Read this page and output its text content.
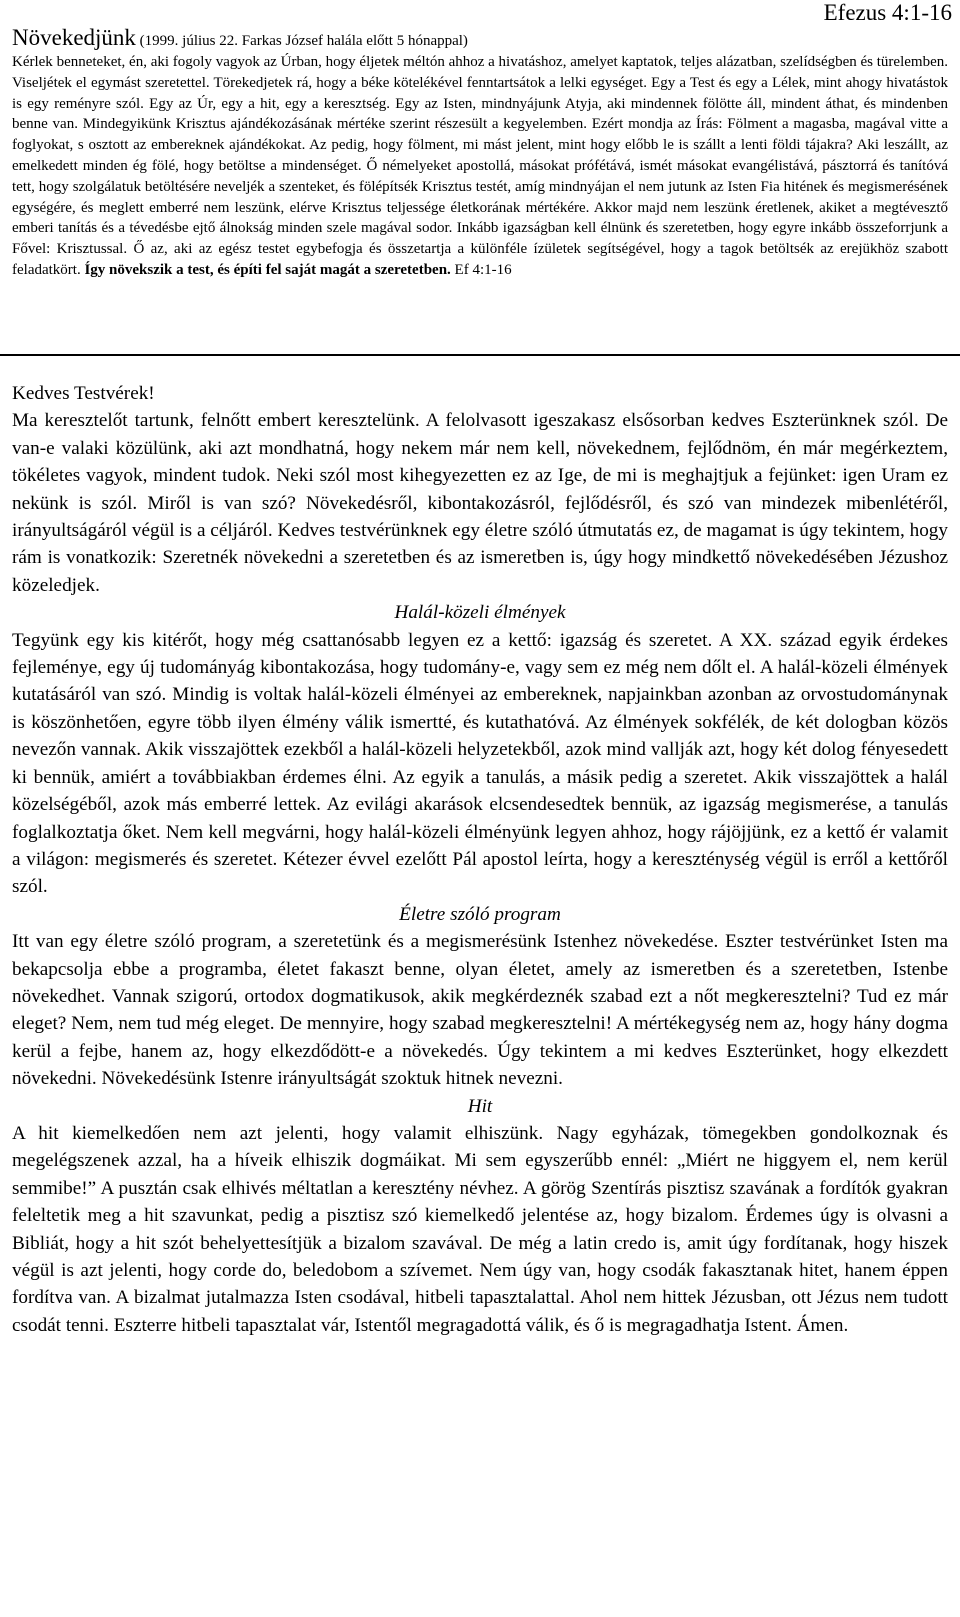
Efezus 4:1-16
Növekedjünk (1999. július 22. Farkas József halála előtt 5 hónappal)

Kérlek benneteket, én, aki fogoly vagyok az Úrban, hogy éljetek méltón ahhoz a hivatáshoz, amelyet kaptatok, teljes alázatban, szelídségben és türelemben. Viseljétek el egymást szeretettel. Törekedjetek rá, hogy a béke kötelékével fenntartsátok a lelki egységet. Egy a Test és egy a Lélek, mint ahogy hivatástok is egy reményre szól. Egy az Úr, egy a hit, egy a keresztség. Egy az Isten, mindnyájunk Atyja, aki mindennek fölötte áll, mindent áthat, és mindenben benne van. Mindegyikünk Krisztus ajándékozásának mértéke szerint részesült a kegyelemben. Ezért mondja az Írás: Fölment a magasba, magával vitte a foglyokat, s osztott az embereknek ajándékokat. Az pedig, hogy fölment, mi mást jelent, mint hogy előbb le is szállt a lenti földi tájakra? Aki leszállt, az emelkedett minden ég fölé, hogy betöltse a mindenséget. Ő némelyeket apostollá, másokat prófétává, ismét másokat evangélistává, pásztorrá és tanítóvá tett, hogy szolgálatuk betöltésére neveljék a szenteket, és fölépítsék Krisztus testét, amíg mindnyájan el nem jutunk az Isten Fia hitének és megismerésének egységére, és meglett emberré nem leszünk, elérve Krisztus teljessége életkorának mértékére. Akkor majd nem leszünk éretlenek, akiket a megtévesztő emberi tanítás és a tévedésbe ejtő álnokság minden szele magával sodor. Inkább igazságban kell élnünk és szeretetben, hogy egyre inkább összeforrjunk a Fővel: Krisztussal. Ő az, aki az egész testet egybefogja és összetartja a különféle ízületek segítségével, hogy a tagok betöltsék az erejükhöz szabott feladatkört. Így növekszik a test, és építi fel saját magát a szeretetben. Ef 4:1-16

Kedves Testvérek!

Ma keresztelőt tartunk, felnőtt embert keresztelünk. A felolvasott igeszakasz elsősorban kedves Eszterünknek szól. De van-e valaki közülünk, aki azt mondhatná, hogy nekem már nem kell, növekednem, fejlődnöm, én már megérkeztem, tökéletes vagyok, mindent tudok. Neki szól most kihegyezetten ez az Ige, de mi is meghajtjuk a fejünket: igen Uram ez nekünk is szól. Miről is van szó? Növekedésről, kibontakozásról, fejlődésről, és szó van mindezek mibenlétéről, irányultságáról végül is a céljáról. Kedves testvérünknek egy életre szóló útmutatás ez, de magamat is úgy tekintem, hogy rám is vonatkozik: Szeretnék növekedni a szeretetben és az ismeretben is, úgy hogy mindkettő növekedésében Jézushoz közeledjek.

Halál-közeli élmények

Tegyünk egy kis kitérőt, hogy még csattanósabb legyen ez a kettő: igazság és szeretet. A XX. század egyik érdekes fejleménye, egy új tudományág kibontakozása, hogy tudomány-e, vagy sem ez még nem dőlt el. A halál-közeli élmények kutatásáról van szó. Mindig is voltak halál-közeli élményei az embereknek, napjainkban azonban az orvostudománynak is köszönhetően, egyre több ilyen élmény válik ismertté, és kutathatóvá. Az élmények sokfélék, de két dologban közös nevezőn vannak. Akik visszajöttek ezekből a halál-közeli helyzetekből, azok mind vallják azt, hogy két dolog fényesedett ki bennük, amiért a továbbiakban érdemes élni. Az egyik a tanulás, a másik pedig a szeretet. Akik visszajöttek a halál közelségéből, azok más emberré lettek. Az evilági akarások elcsendesedtek bennük, az igazság megismerése, a tanulás foglalkoztatja őket. Nem kell megvárni, hogy halál-közeli élményünk legyen ahhoz, hogy rájöjjünk, ez a kettő ér valamit a világon: megismerés és szeretet. Kétezer évvel ezelőtt Pál apostol leírta, hogy a kereszténység végül is erről a kettőről szól.

Életre szóló program

Itt van egy életre szóló program, a szeretetünk és a megismerésünk Istenhez növekedése. Eszter testvérünket Isten ma bekapcsolja ebbe a programba, életet fakaszt benne, olyan életet, amely az ismeretben és a szeretetben, Istenbe növekedhet. Vannak szigorú, ortodox dogmatikusok, akik megkérdeznék szabad ezt a nőt megkeresztelni? Tud ez már eleget? Nem, nem tud még eleget. De mennyire, hogy szabad megkeresztelni! A mértékegység nem az, hogy hány dogma kerül a fejbe, hanem az, hogy elkezdődött-e a növekedés. Úgy tekintem a mi kedves Eszterünket, hogy elkezdett növekedni. Növekedésünk Istenre irányultságát szoktuk hitnek nevezni.

Hit

A hit kiemelkedően nem azt jelenti, hogy valamit elhiszünk. Nagy egyházak, tömegekben gondolkoznak és megelégszenek azzal, ha a híveik elhiszik dogmáikat. Mi sem egyszerűbb ennél: „Miért ne higgyem el, nem kerül semmibe!” A pusztán csak elhivés méltatlan a keresztény névhez. A görög Szentírás pisztisz szavának a fordítók gyakran feleltetik meg a hit szavunkat, pedig a pisztisz szó kiemelkedő jelentése az, hogy bizalom. Érdemes úgy is olvasni a Bibliát, hogy a hit szót behelyettesítjük a bizalom szavával. De még a latin credo is, amit úgy fordítanak, hogy hiszek végül is azt jelenti, hogy corde do, beledobom a szívemet. Nem úgy van, hogy csodák fakasztanak hitet, hanem éppen fordítva van. A bizalmat jutalmazza Isten csodával, hitbeli tapasztalattal. Ahol nem hittek Jézusban, ott Jézus nem tudott csodát tenni. Eszterre hitbeli tapasztalat vár, Istentől megragadottá válik, és ő is megragadhatja Istent. Ámen.
